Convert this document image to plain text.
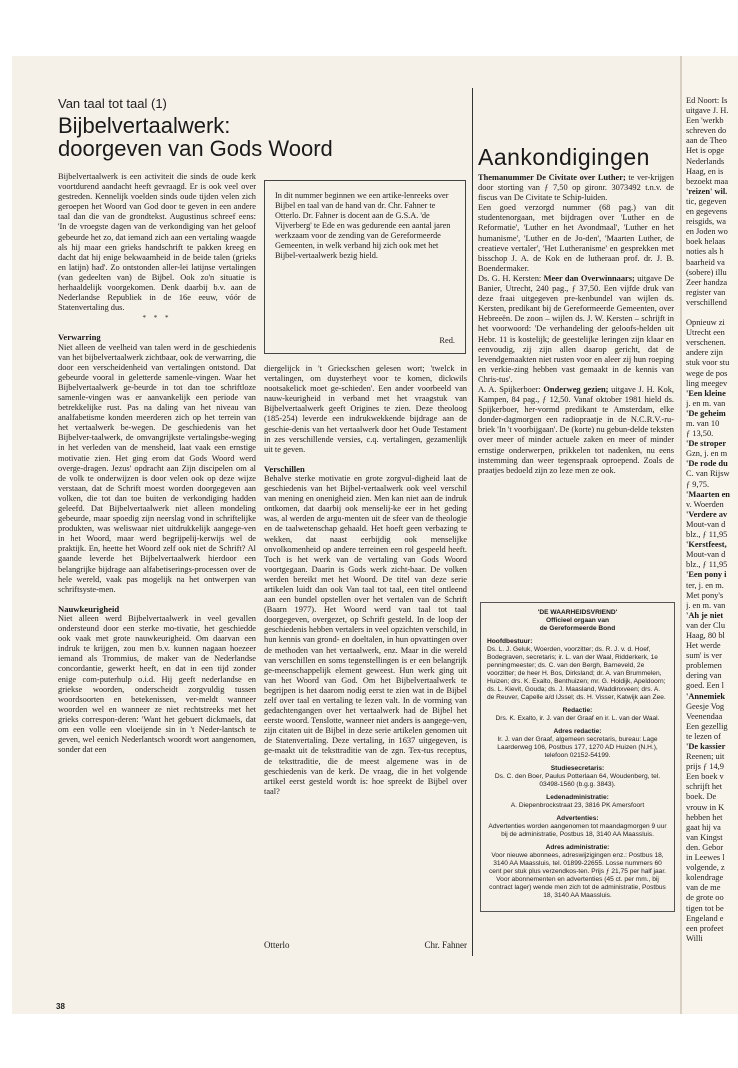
Van taal tot taal (1)
Bijbelvertaalwerk:
doorgeven van Gods Woord

Bijbelvertaalwerk is een activiteit die sinds de oude kerk voortdurend aandacht heeft gevraagd. Er is ook veel over gestreden. Kennelijk voelden sinds oude tijden velen zich geroepen het Woord van God door te geven in een andere taal dan die van de grondtekst. Augustinus schreef eens: 'In de vroegste dagen van de verkondiging van het geloof gebeurde het zo, dat iemand zich aan een vertaling waagde als hij maar een grieks handschrift te pakken kreeg en dacht dat hij enige bekwaamheid in de beide talen (grieks en latijn) had'. Zo ontstonden aller-lei latijnse vertalingen (van gedeelten van) de Bijbel. Ook zo'n situatie is herhaaldelijk voorgekomen. Denk daarbij b.v. aan de Nederlandse Republiek in de 16e eeuw, vóór de Statenvertaling dus.

* * *
Verwarring

Niet alleen de veelheid van talen werd in de geschiedenis van het bijbelvertaalwerk zichtbaar, ook de verwarring, die door een verscheidenheid van vertalingen ontstond. Dat gebeurde vooral in geletterde samenle-vingen. Waar het Bijbelvertaalwerk ge-beurde in tot dan toe schriftloze samenle-vingen was er aanvankelijk een periode van betrekkelijke rust. Pas na daling van het niveau van analfabetisme konden meerderen zich op het terrein van het vertaalwerk be-wegen. De geschiedenis van het Bijbelver-taalwerk, de omvangrijkste vertalingsbe-weging in het verleden van de mensheid, laat vaak een ernstige motivatie zien. Het ging erom dat Gods Woord werd overge-dragen. Jezus' opdracht aan Zijn discipelen om al de volk te onderwijzen is door velen ook op deze wijze verstaan, dat de Schrift moest worden doorgegeven aan volken, die tot dan toe buiten de verkondiging hadden geleefd. Dat Bijbelvertaalwerk niet alleen mondeling gebeurde, maar spoedig zijn neerslag vond in schriftelijke produkten, was weliswaar niet uitdrukkelijk aangege-ven in het Woord, maar werd begrijpelij-kerwijs wel de praktijk. En, heette het Woord zelf ook niet de Schrift? Al gaande leverde het Bijbelvertaalwerk hierdoor een belangrijke bijdrage aan alfabetiserings-processen over de hele wereld, vaak pas mogelijk na het ontwerpen van schriftsyste-men.

Nauwkeurigheid

Niet alleen werd Bijbelvertaalwerk in veel gevallen ondersteund door een sterke mo-tivatie, het geschiedde ook vaak met grote nauwkeurigheid. Om daarvan een indruk te krijgen, zou men b.v. kunnen nagaan hoezeer iemand als Trommius, de maker van de Nederlandse concordantie, gewerkt heeft, en dat in een tijd zonder enige com-puterhulp o.i.d. Hij geeft nederlandse en griekse woorden, onderscheidt zorgvuldig tussen woordsoorten en betekenissen, ver-meldt wanneer woorden wel en wanneer ze niet rechtstreeks met het grieks correspon-deren: 'Want het gebuert dickmaels, dat om een volle een vloeijende sin in 't Neder-lantsch te geven, wel eenich Nederlantsch woordt wort aangenomen, sonder dat een

In dit nummer beginnen we een artike-lenreeks over Bijbel en taal van de hand van dr. Chr. Fahner te Otterlo. Dr. Fahner is docent aan de G.S.A. 'de Vijverberg' te Ede en was gedurende een aantal jaren werkzaam voor de zending van de Gereformeerde Gemeenten, in welk verband hij zich ook met het Bijbel-vertaalwerk bezig hield.
Red.

diergelijck in 't Grieckschen gelesen wort; 'twelck in vertalingen, om duysterheyt voor te komen, dickwils nootsakelick moet ge-schieden'. Een ander voorbeeld van nauw-keurigheid in verband met het vraagstuk van Bijbelvertaalwerk geeft Origines te zien. Deze theoloog (185-254) leverde een indrukwekkende bijdrage aan de geschie-denis van het vertaalwerk door het Oude Testament in zes verschillende versies, c.q. vertalingen, gezamenlijk uit te geven.

Verschillen

Behalve sterke motivatie en grote zorgvul-digheid laat de geschiedenis van het Bijbel-vertaalwerk ook veel verschil van mening en onenigheid zien. Men kan niet aan de indruk ontkomen, dat daarbij ook menselij-ke eer in het geding was, al werden de argu-menten uit de sfeer van de theologie en de taalwetenschap gehaald. Het hoeft geen verbazing te wekken, dat naast eerbijdig ook menselijke onvolkomenheid op andere terreinen een rol gespeeld heeft. Toch is het werk van de vertaling van Gods Woord voortgegaan. Daarin is Gods werk zicht-baar. De volken werden bereikt met het Woord. De titel van deze serie artikelen luidt dan ook Van taal tot taal, een titel ontleend aan een bundel opstellen over het vertalen van de Schrift (Baarn 1977). Het Woord werd van taal tot taal doorgegeven, overgezet, op Schrift gesteld. In de loop der geschiedenis hebben vertalers in veel opzichten verschild, in hun kennis van grond- en doeltalen, in hun opvattingen over de methoden van het vertaalwerk, enz. Maar in die wereld van verschillen en soms tegenstellingen is er een belangrijk ge-meenschappelijk element geweest. Hun werk ging uit van het Woord van God. Om het Bijbelvertaalwerk te begrijpen is het daarom nodig eerst te zien wat in de Bijbel zelf over taal en vertaling te lezen valt. In de vorming van gedachtengangen over het vertaalwerk had de Bijbel het eerste woord. Tenslotte, wanneer niet anders is aangege-ven, zijn citaten uit de Bijbel in deze serie artikelen genomen uit de Statenvertaling. Deze vertaling, in 1637 uitgegeven, is ge-maakt uit de teksttraditie van de zgn. Tex-tus receptus, de teksttraditie, die de meest algemene was in de geschiedenis van de kerk. De vraag, die in het volgende artikel eerst gesteld wordt is: hoe spreekt de Bijbel over taal?

Otterlo	Chr. Fahner
38
Aankondigingen

Themanummer De Civitate over Luther; te ver-krijgen door storting van ƒ 7,50 op gironr. 3073492 t.n.v. de fiscus van De Civitate te Schip-luiden.

Een goed verzorgd nummer (68 pag.) van dit studentenorgaan, met bijdragen over 'Luther en de Reformatie', 'Luther en het Avondmaal', 'Luther en het humanisme', 'Luther en de Jo-den', 'Maarten Luther, de creatieve vertaler', 'Het Lutheranisme' en gesprekken met bisschop J. A. de Kok en de lutheraan prof. dr. J. B. Boendermaker.

Ds. G. H. Kersten: Meer dan Overwinnaars; uitgave De Banier, Utrecht, 240 pag., ƒ 37,50. Een vijfde druk van deze fraai uitgegeven pre-kenbundel van wijlen ds. Kersten, predikant bij de Gereformeerde Gemeenten, over Hebreeën. De zoon – wijlen ds. J. W. Kersten – schrijft in het voorwoord: 'De verhandeling der geloofs-helden uit Hebr. 11 is kostelijk; de geestelijke leringen zijn klaar en eenvoudig, zij zijn allen daarop gericht, dat de levendgemaakten niet rusten voor en aleer zij hun roeping en verkie-zing hebben vast gemaakt in de kennis van Chris-tus'.

A. A. Spijkerboer: Onderweg gezien; uitgave J. H. Kok, Kampen, 84 pag., ƒ 12,50. Vanaf oktober 1981 hield ds. Spijkerboer, her-vormd predikant te Amsterdam, elke donder-dagmorgen een radiopraatje in de N.C.R.V.-ru-briek 'In 't voorbijgaan'. De (korte) nu gebun-delde teksten over meer of minder actuele zaken en meer of minder ernstige onderwerpen, prikkelen tot nadenken, nu eens instemming dan weer tegenspraak oproepend. Zoals de praatjes bedoeld zijn zo leze men ze ook.

'DE WAARHEIDSVRIEND'
Officieel orgaan van
de Gereformeerde Bond
Hoofdbestuur:
Ds. L. J. Geluk, Woerden, voorzitter; ds. R. J. v. d. Hoef, Bodegraven, secretaris; ir. L. van der Waal, Ridderkerk, 1e penningmeester; ds. C. van den Bergh, Barneveld, 2e voorzitter; de heer H. Bos, Dirksland; dr. A. van Brummelen, Huizen; drs. K. Exalto, Benthuizen; mr. G. Holdijk, Apeldoorn; ds. L. Kievit, Gouda; ds. J. Maasland, Waddinxveen; drs. A. de Reuver, Capelle a/d IJssel; ds. H. Visser, Katwijk aan Zee.
Redactie:
Drs. K. Exalto, ir. J. van der Graaf en ir. L. van der Waal.
Adres redactie:
Ir. J. van der Graaf, algemeen secretaris, bureau: Lage Laarderweg 106, Postbus 177, 1270 AD Huizen (N.H.), telefoon 02152-54199.
Studiesecretaris:
Ds. C. den Boer, Paulus Potterlaan 64, Woudenberg, tel. 03498-1560 (b.g.g. 3843).
Ledenadministratie:
A. Diepenbrockstraat 23, 3816 PK Amersfoort
Advertenties:
Advertenties worden aangenomen tot maandagmorgen 9 uur bij de administratie, Postbus 18, 3140 AA Maassluis.
Adres administratie:
Voor nieuwe abonnees, adreswijzigingen enz.: Postbus 18, 3140 AA Maassluis, tel. 01899-22655. Losse nummers 60 cent per stuk plus verzendkos-ten. Prijs ƒ 21,75 per half jaar. Voor abonnementen en advertenties (45 ct. per mm., bij contract lager) wende men zich tot de administratie, Postbus 18, 3140 AA Maassluis.
Ed Noort: Is
uitgave J. H.
Een 'werkb
schreven do
aan de Theo
Het is opge
Nederlands
Haag, en is
bezoekt maa
'reizen' wil.
tic, gegeven
en gegevens
reisgids, wa
en Joden wo
boek helaas
noties als h
baarheid va
(sobere) illu
Zeer handza
register van
verschillend

Opnieuw zi
Utrecht een
verschenen.
andere zijn
stuk voor stu
wege de pos
ling meegev
'Een kleine
j. en m. van
'De geheim
m. van 10
ƒ 13,50.
'De stroper
Gzn, j. en m
'De rode du
C. van Rijsw
ƒ 9,75.
'Maarten en
v. Woerden
'Verdere av
Mout-van d
blz., ƒ 11,95
'Kerstfeest,
Mout-van d
blz., ƒ 11,95
'Een pony i
ter, j. en m.
Met pony's
j. en m. van
'Ah je niet
van der Clu
Haag, 80 bl
Het werde
sum' is ver
problemen
dering van
goed. Een l
'Annemiek
Geesje Vog
Veenendaa
Een gezellig
te lezen of
'De kassier
Reenen; uit
prijs ƒ 14,9
Een boek v
schrijft het
boek. De
vrouw in K
hebben het
gaat hij va
van Kingst
den. Gebor
in Leewes l
volgende, z
kolendrage
van de me
de grote oo
tigen tot be
Engeland e
een profeet
Willi
